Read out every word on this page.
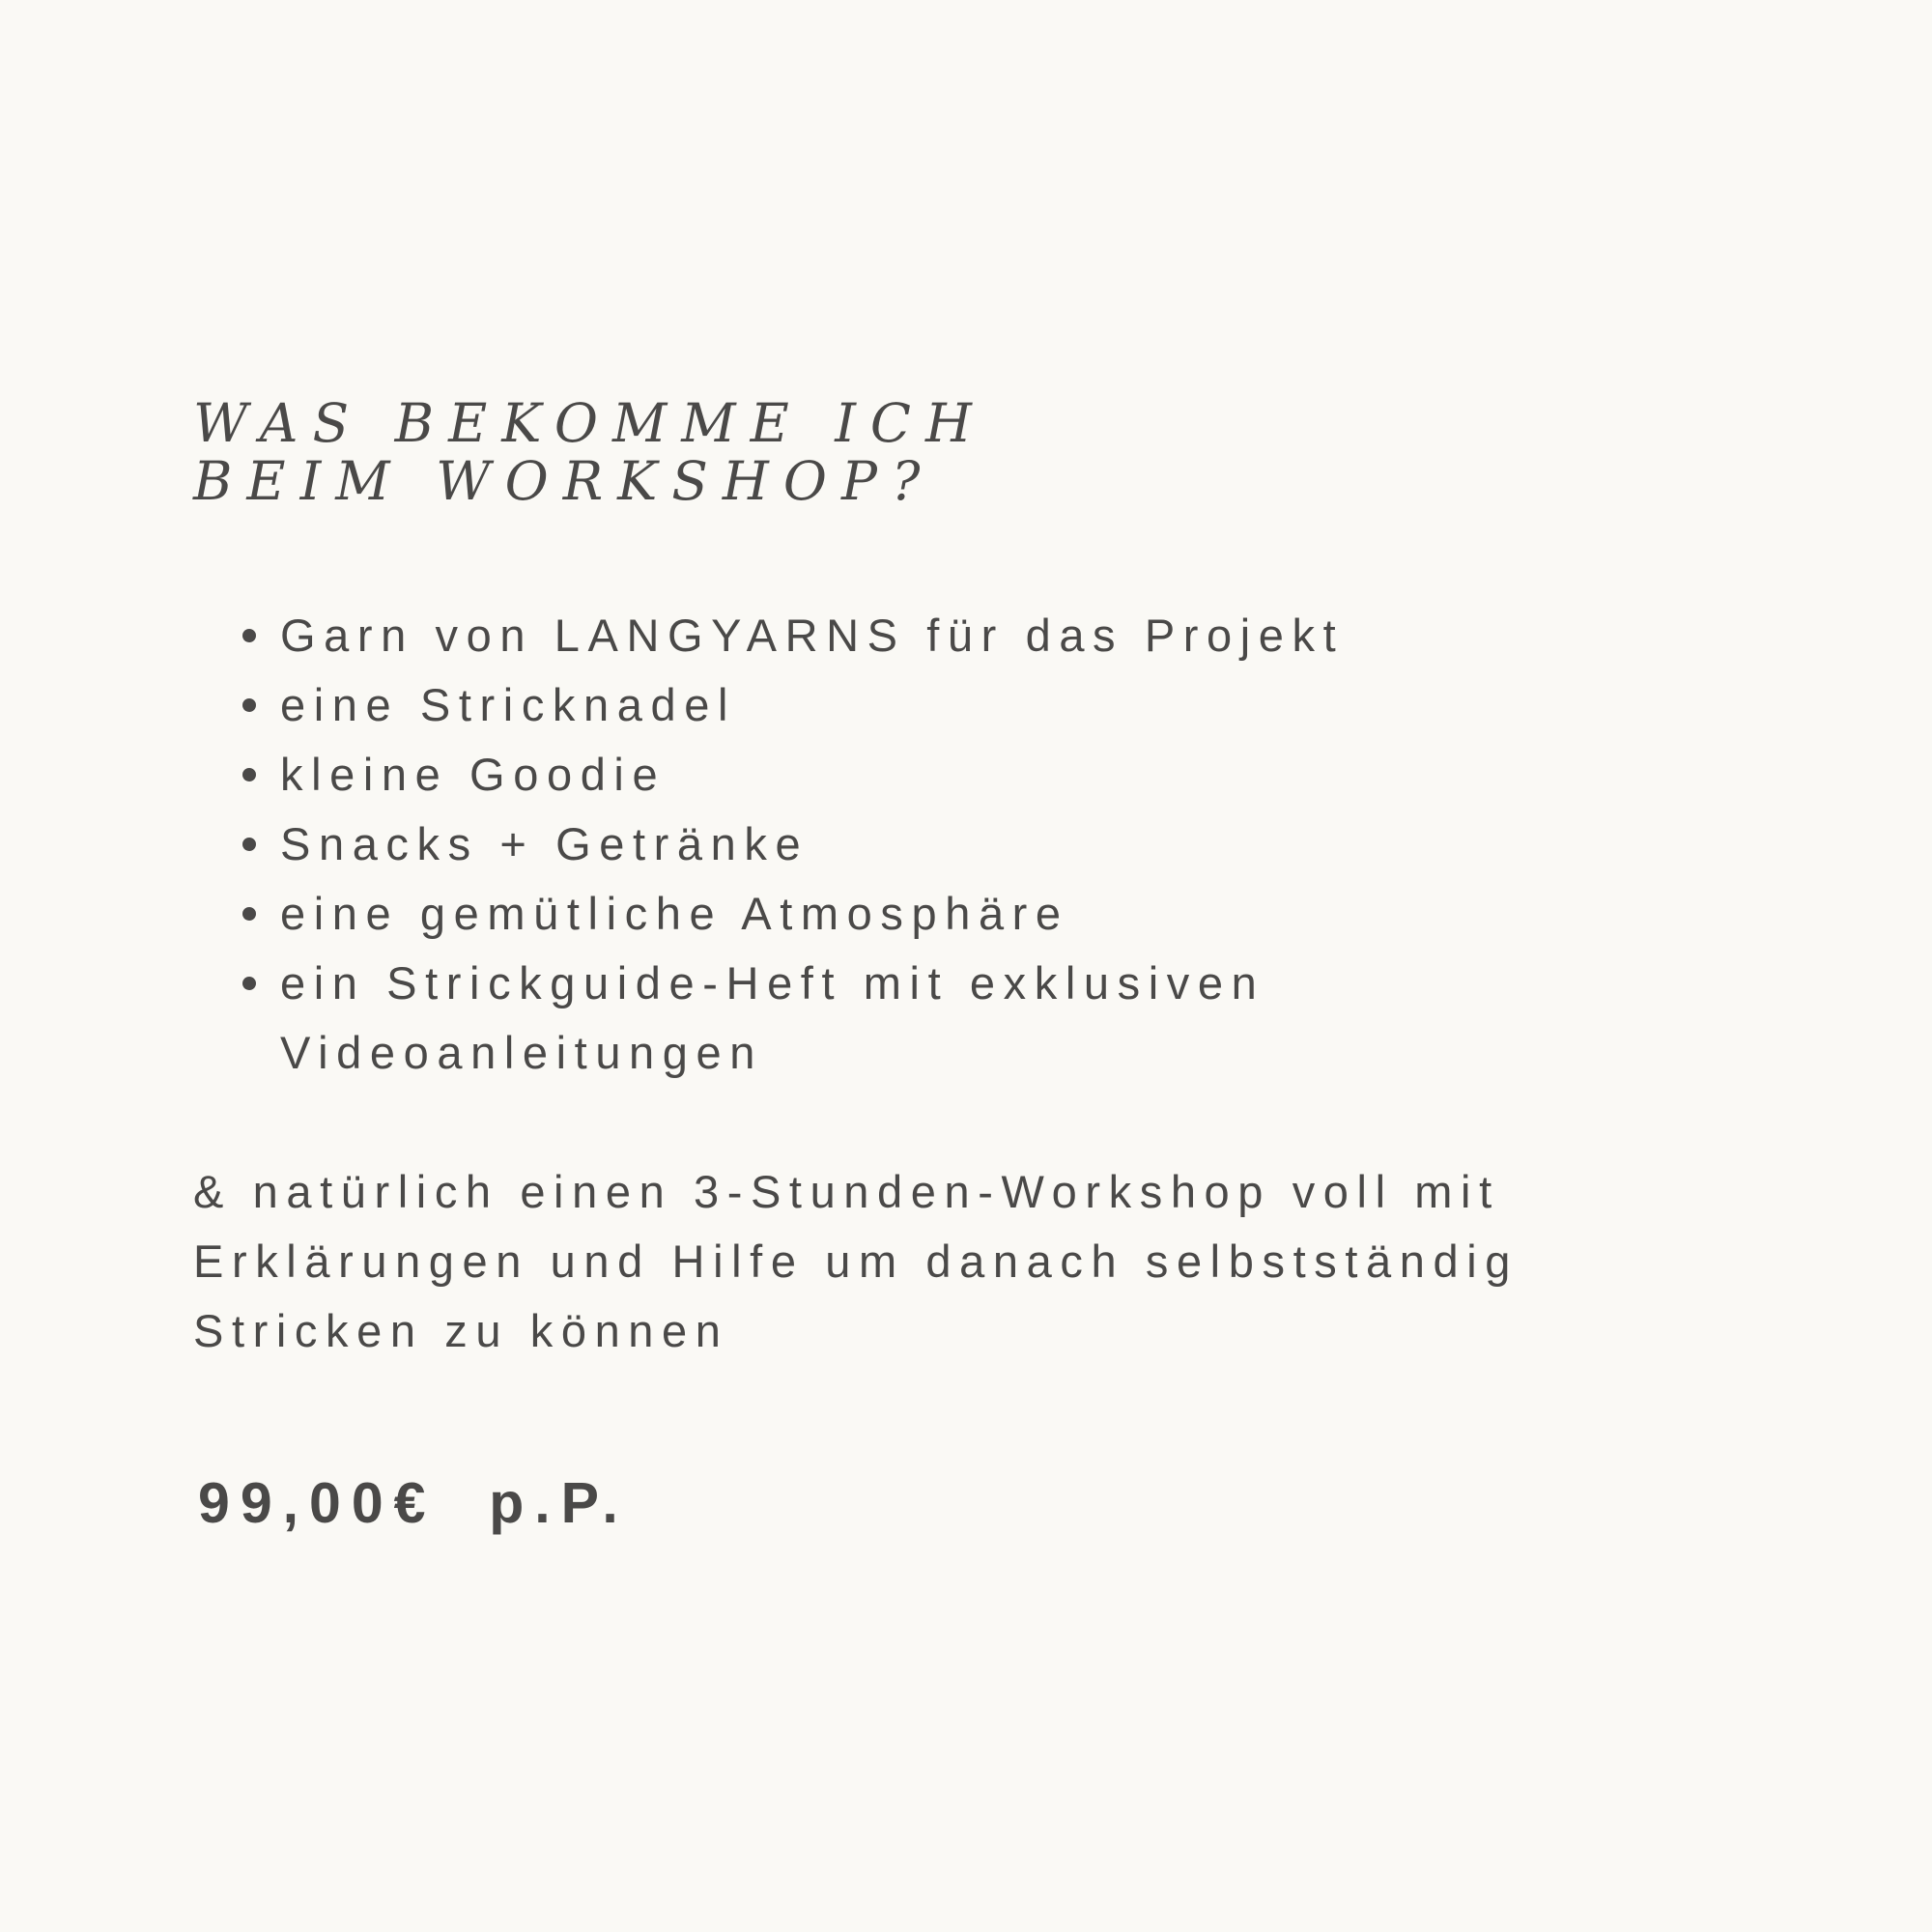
WAS BEKOMME ICH
BEIM WORKSHOP?
Garn von LANGYARNS für das Projekt
eine Stricknadel
kleine Goodie
Snacks + Getränke
eine gemütliche Atmosphäre
ein Strickguide-Heft mit exklusiven Videoanleitungen

& natürlich einen 3-Stunden-Workshop voll mit Erklärungen und Hilfe um danach selbstständig Stricken zu können

99,00€  p.P.
